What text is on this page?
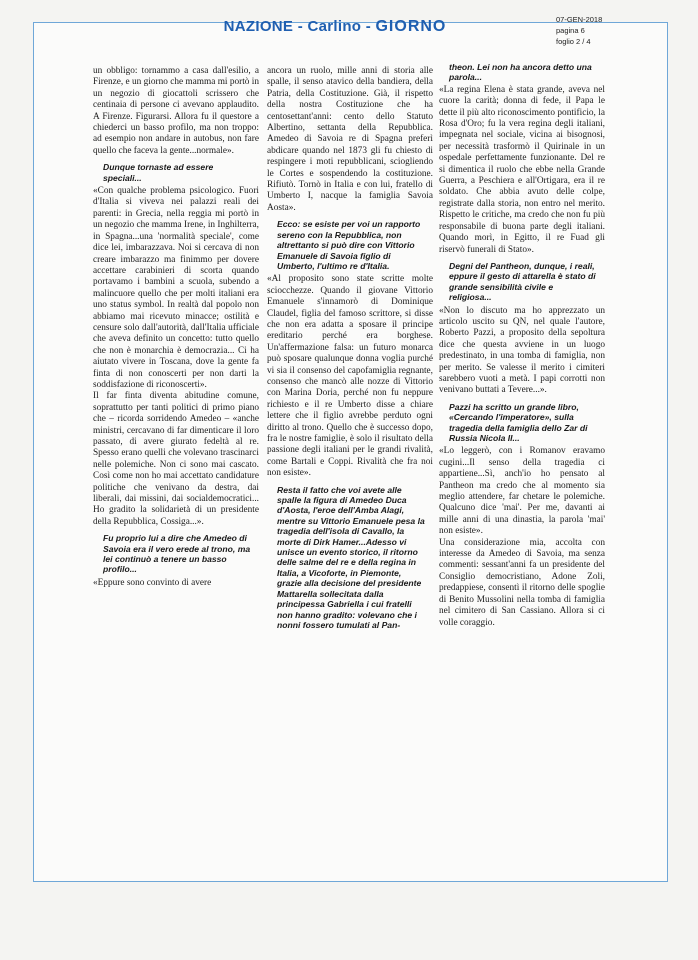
NAZIONE - Carlino - GIORNO	07-GEN-2018
pagina 6
foglio 2 / 4

un obbligo: tornammo a casa dall'esilio, a Firenze, e un giorno che mamma mi portò in un negozio di giocattoli scrissero che centinaia di persone ci avevano applaudito. A Firenze. Figurarsi. Allora fu il questore a chiederci un basso profilo, ma non troppo: ad esempio non andare in autobus, non fare quello che faceva la gente...normale».

Dunque tornaste ad essere speciali...

«Con qualche problema psicologico. Fuori d'Italia si viveva nei palazzi reali dei parenti: in Grecia, nella reggia mi portò in un negozio che mamma Irene, in Inghilterra, in Spagna...una 'normalità speciale', come dice lei, imbarazzava. Noi si cercava di non creare imbarazzo ma finimmo per dovere accettare carabinieri di scorta quando portavamo i bambini a scuola, subendo a malincuore quello che per molti italiani era uno status symbol. In realtà dal popolo non abbiamo mai ricevuto minacce; ostilità e censure solo dall'autorità, dall'Italia ufficiale che aveva definito un concetto: tutto quello che non è monarchia è democrazia... Ci ha aiutato vivere in Toscana, dove la gente fa finta di non conoscerti per non darti la soddisfazione di riconoscerti».

Il far finta diventa abitudine comune, soprattutto per tanti politici di primo piano che – ricorda sorridendo Amedeo – «anche ministri, cercavano di far dimenticare il loro passato, di avere giurato fedeltà al re. Spesso erano quelli che volevano trascinarci nelle polemiche. Non ci sono mai cascato. Così come non ho mai accettato candidature politiche che venivano da destra, dai liberali, dai missini, dai socialdemocratici... Ho gradito la solidarietà di un presidente della Repubblica, Cossiga...».

Fu proprio lui a dire che Amedeo di Savoia era il vero erede al trono, ma lei continuò a tenere un basso profilo...

«Eppure sono convinto di avere

ancora un ruolo, mille anni di storia alle spalle, il senso atavico della bandiera, della Patria, della Costituzione. Già, il rispetto della nostra Costituzione che ha centosettant'anni: cento dello Statuto Albertino, settanta della Repubblica. Amedeo di Savoia re di Spagna preferì abdicare quando nel 1873 gli fu chiesto di respingere i moti repubblicani, sciogliendo le Cortes e sospendendo la costituzione. Rifiutò. Tornò in Italia e con lui, fratello di Umberto I, nacque la famiglia Savoia Aosta».

Ecco: se esiste per voi un rapporto sereno con la Repubblica, non altrettanto si può dire con Vittorio Emanuele di Savoia figlio di Umberto, l'ultimo re d'Italia.

«Al proposito sono state scritte molte sciocchezze. Quando il giovane Vittorio Emanuele s'innamorò di Dominique Claudel, figlia del famoso scrittore, si disse che non era adatta a sposare il principe ereditario perché era borghese. Un'affermazione falsa: un futuro monarca può sposare qualunque donna voglia purché vi sia il consenso del capofamiglia regnante, consenso che mancò alle nozze di Vittorio con Marina Doria, perché non fu neppure richiesto e il re Umberto disse a chiare lettere che il figlio avrebbe perduto ogni diritto al trono. Quello che è successo dopo, fra le nostre famiglie, è solo il risultato della passione degli italiani per le grandi rivalità, come Bartali e Coppi. Rivalità che fra noi non esiste».

Resta il fatto che voi avete alle spalle la figura di Amedeo Duca d'Aosta, l'eroe dell'Amba Alagi, mentre su Vittorio Emanuele pesa la tragedia dell'isola di Cavallo, la morte di Dirk Hamer...Adesso vi unisce un evento storico, il ritorno delle salme del re e della regina in Italia, a Vicoforte, in Piemonte, grazie alla decisione del presidente Mattarella sollecitata dalla principessa Gabriella i cui fratelli non hanno gradito: volevano che i nonni fossero tumulati al Pan-

theon. Lei non ha ancora detto una parola...

«La regina Elena è stata grande, aveva nel cuore la carità; donna di fede, il Papa le dette il più alto riconoscimento pontificio, la Rosa d'Oro; fu la vera regina degli italiani, impegnata nel sociale, vicina ai bisognosi, per necessità trasformò il Quirinale in un ospedale perfettamente funzionante. Del re si dimentica il ruolo che ebbe nella Grande Guerra, a Peschiera e all'Ortigara, era il re soldato. Che abbia avuto delle colpe, registrate dalla storia, non entro nel merito. Rispetto le critiche, ma credo che non fu più responsabile di buona parte degli italiani. Quando morì, in Egitto, il re Fuad gli riservò funerali di Stato».

Degni del Pantheon, dunque, i reali, eppure il gesto di attarella è stato di grande sensibilità civile e religiosa...

«Non lo discuto ma ho apprezzato un articolo uscito su QN, nel quale l'autore, Roberto Pazzi, a proposito della sepoltura dice che questa avviene in un luogo predestinato, in una tomba di famiglia, non per merito. Se valesse il merito i cimiteri sarebbero vuoti a metà. I papi corrotti non venivano buttati a Tevere...».

Pazzi ha scritto un grande libro, «Cercando l'imperatore», sulla tragedia della famiglia dello Zar di Russia Nicola II...

«Lo leggerò, con i Romanov eravamo cugini...Il senso della tragedia ci appartiene...Sì, anch'io ho pensato al Pantheon ma credo che al momento sia meglio attendere, far chetare le polemiche. Qualcuno dice 'mai'. Per me, davanti ai mille anni di una dinastia, la parola 'mai' non esiste».

Una considerazione mia, accolta con interesse da Amedeo di Savoia, ma senza commenti: sessant'anni fa un presidente del Consiglio democristiano, Adone Zoli, predappiese, consentì il ritorno delle spoglie di Benito Mussolini nella tomba di famiglia nel cimitero di San Cassiano. Allora si ci volle coraggio.
